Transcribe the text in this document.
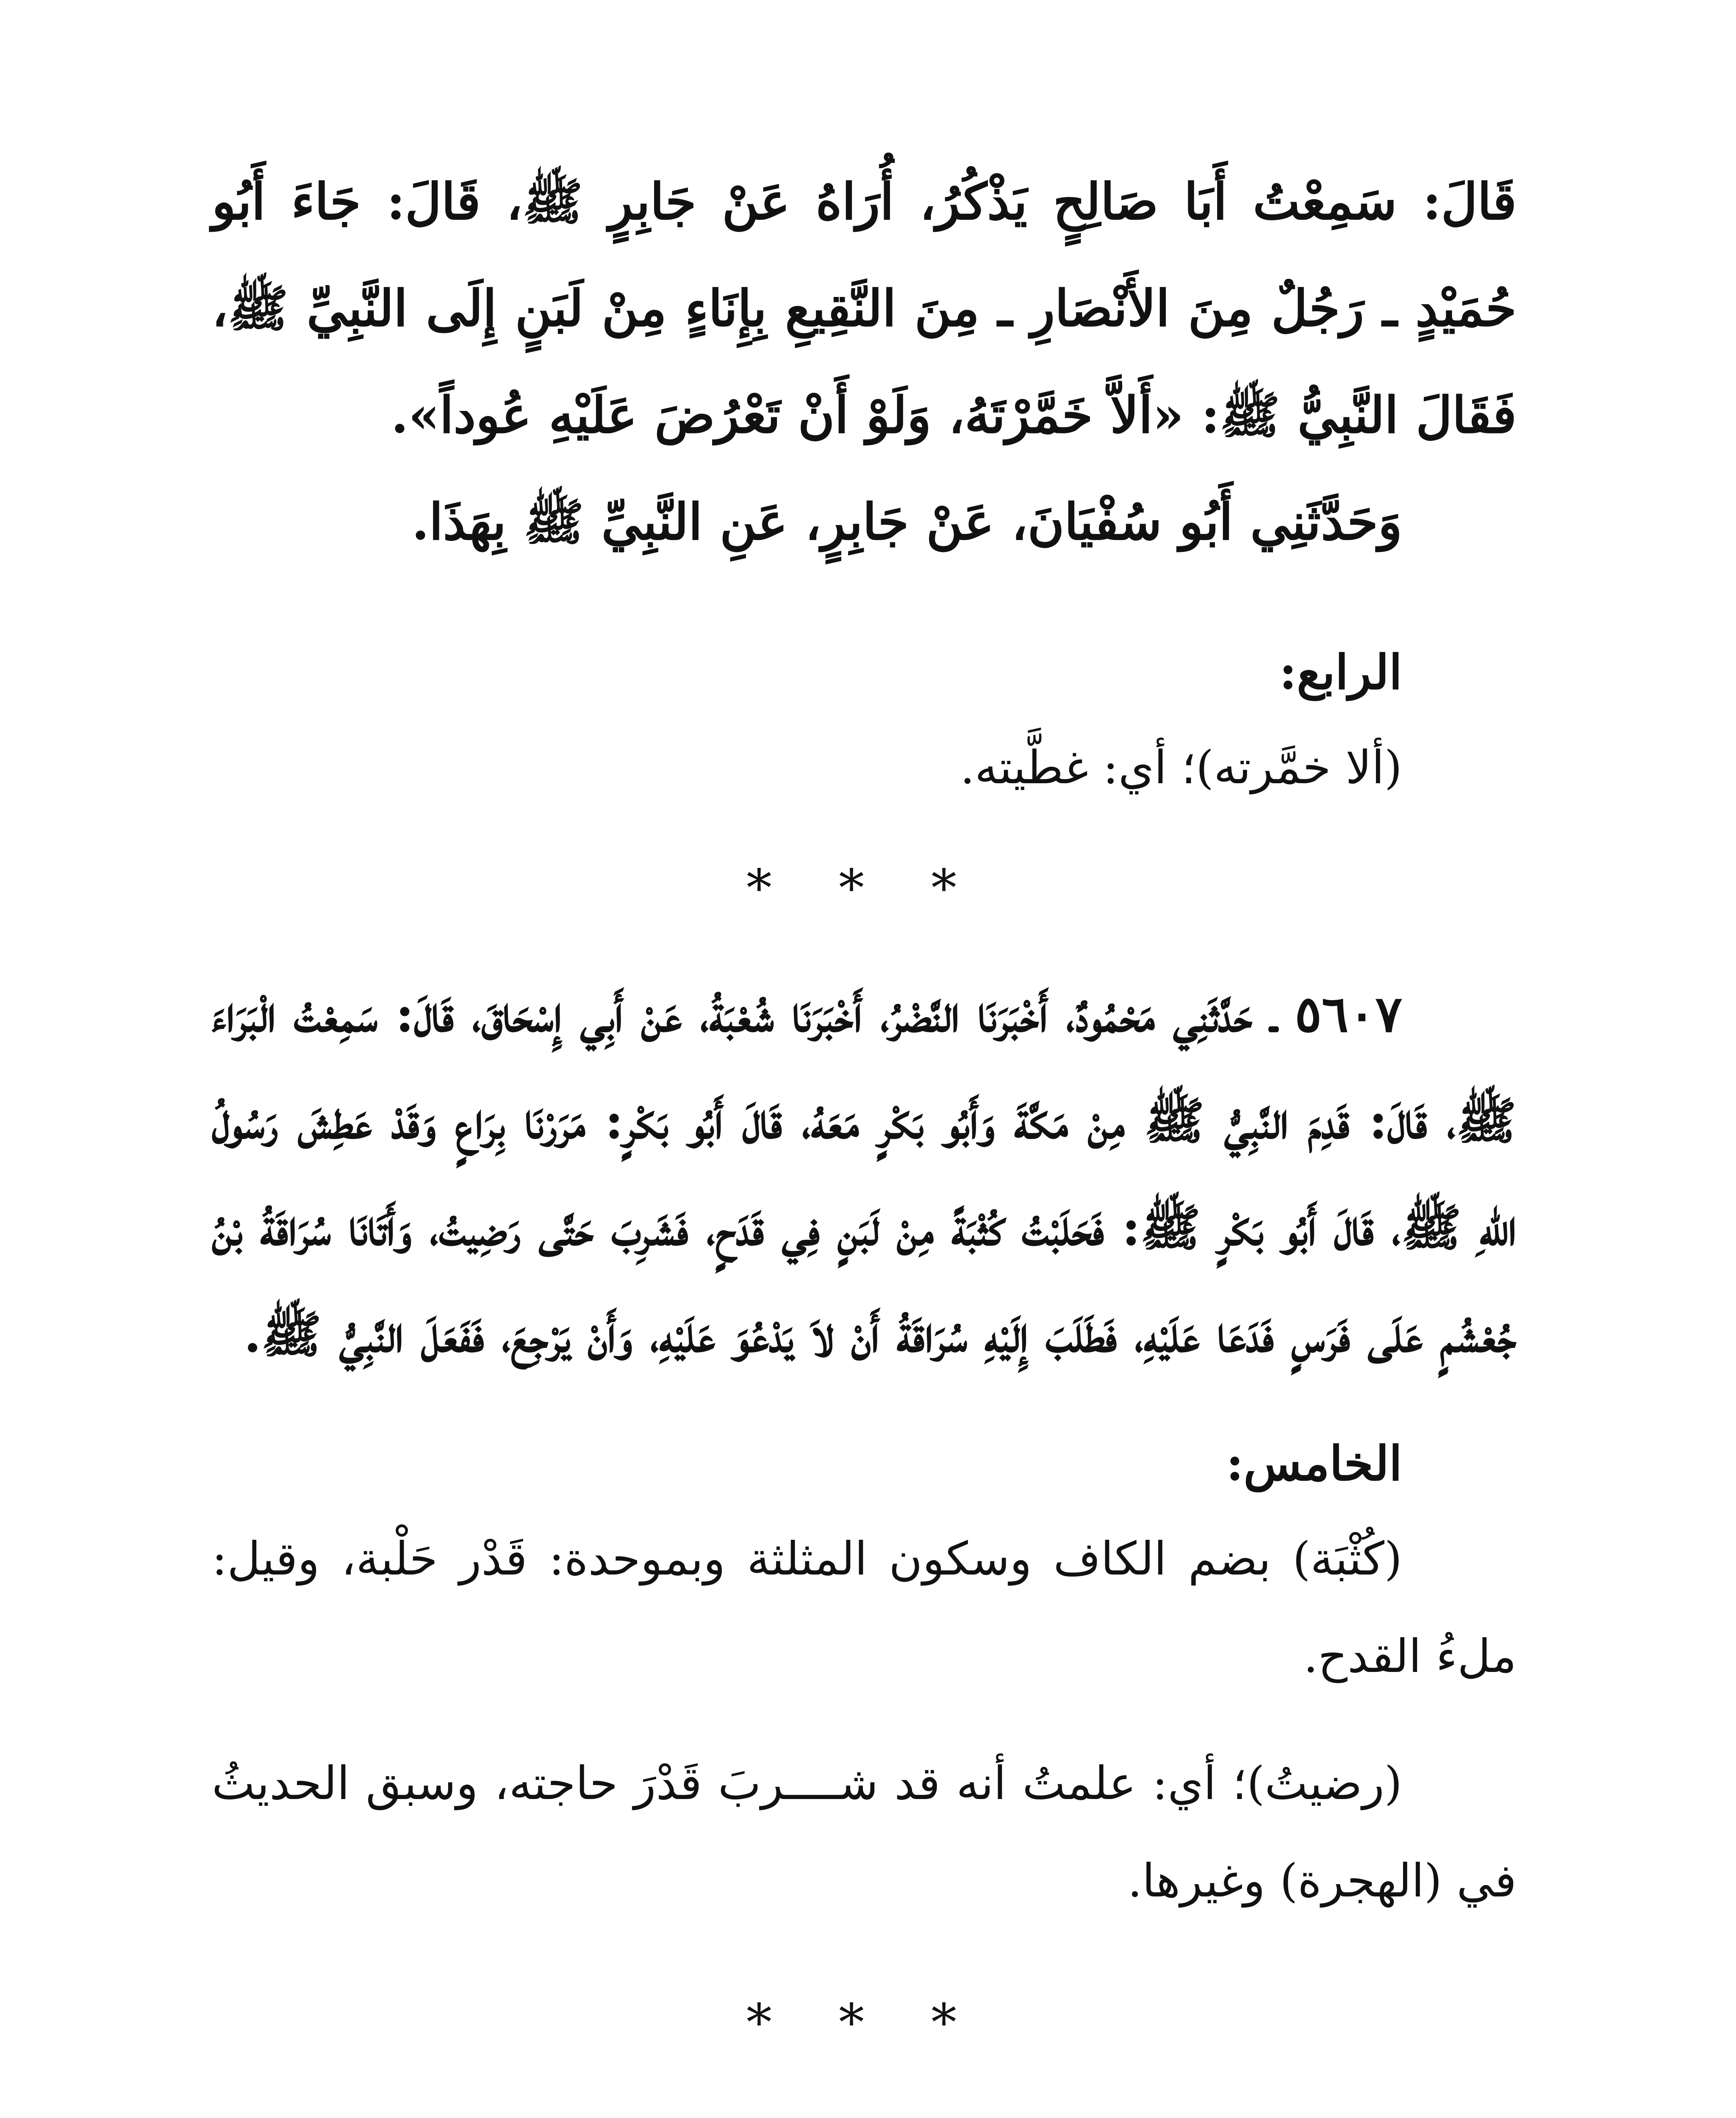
قَالَ: سَمِعْتُ أَبَا صَالِحٍ يَذْكُرُ، أُرَاهُ عَنْ جَابِرٍ ﷺ، قَالَ: جَاءَ أَبُو حُمَيْدٍ ـ رَجُلٌ مِنَ الأَنْصَارِ ـ مِنَ النَّقِيعِ بِإِنَاءٍ مِنْ لَبَنٍ إِلَى النَّبِيِّ ﷺ، فَقَالَ النَّبِيُّ ﷺ: «أَلاَّ خَمَّرْتَهُ، وَلَوْ أَنْ تَعْرُضَ عَلَيْهِ عُوداً».

وَحَدَّثَنِي أَبُو سُفْيَانَ، عَنْ جَابِرٍ، عَنِ النَّبِيِّ ﷺ بِهَذَا.

الرابع:

(ألا خمَّرته)؛ أي: غطَّيته.

* * *

٥٦٠٧ ـ حَدَّثَنِي مَحْمُودٌ، أَخْبَرَنَا النَّضْرُ، أَخْبَرَنَا شُعْبَةُ، عَنْ أَبِي إِسْحَاقَ، قَالَ: سَمِعْتُ الْبَرَاءَ ﷺ، قَالَ: قَدِمَ النَّبِيُّ ﷺ مِنْ مَكَّةَ وَأَبُو بَكْرٍ مَعَهُ، قَالَ أَبُو بَكْرٍ: مَرَرْنَا بِرَاعٍ وَقَدْ عَطِشَ رَسُولُ اللهِ ﷺ، قَالَ أَبُو بَكْرٍ ﷺ: فَحَلَبْتُ كُثْبَةً مِنْ لَبَنٍ فِي قَدَحٍ، فَشَرِبَ حَتَّى رَضِيتُ، وَأَتَانَا سُرَاقَةُ بْنُ جُعْشُمٍ عَلَى فَرَسٍ فَدَعَا عَلَيْهِ، فَطَلَبَ إِلَيْهِ سُرَاقَةُ أَنْ لاَ يَدْعُوَ عَلَيْهِ، وَأَنْ يَرْجِعَ، فَفَعَلَ النَّبِيُّ ﷺ.

الخامس:

(كُثْبَة) بضم الكاف وسكون المثلثة وبموحدة: قَدْر حَلْبة، وقيل: ملءُ القدح.

(رضيتُ)؛ أي: علمتُ أنه قد شــــربَ قَدْرَ حاجته، وسبق الحديثُ في (الهجرة) وغيرها.

* * *
